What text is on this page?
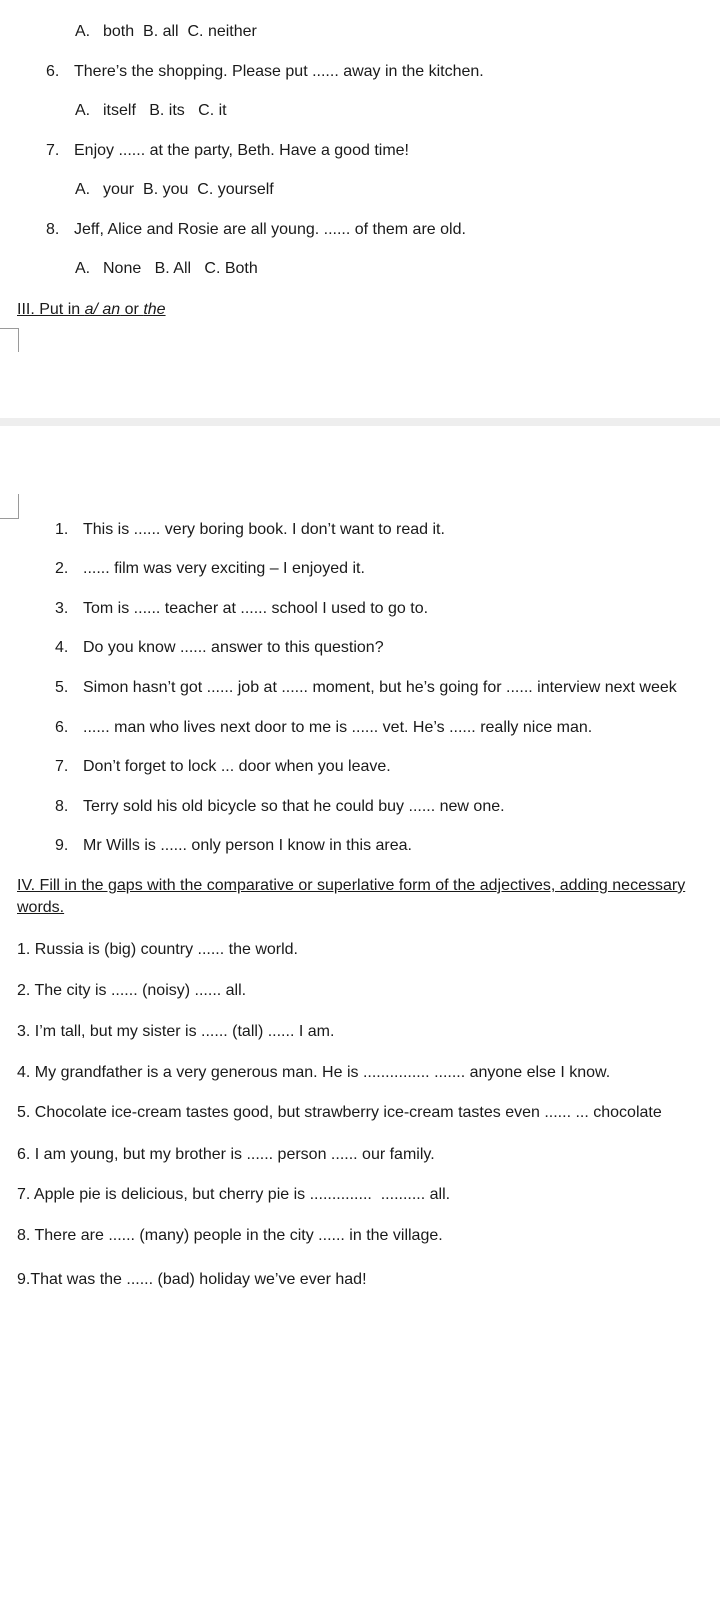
A. both  B. all  C. neither
6. There’s the shopping. Please put ...... away in the kitchen.
A. itself   B. its   C. it
7. Enjoy ...... at the party, Beth. Have a good time!
A. your  B. you  C. yourself
8. Jeff, Alice and Rosie are all young. ...... of them are old.
A. None   B. All   C. Both
III. Put in a/ an or the
1. This is ...... very boring book. I don’t want to read it.
2. ...... film was very exciting – I enjoyed it.
3. Tom is ...... teacher at ...... school I used to go to.
4. Do you know ...... answer to this question?
5. Simon hasn’t got ...... job at ...... moment, but he’s going for ...... interview next week
6. ...... man who lives next door to me is ...... vet. He’s ...... really nice man.
7. Don’t forget to lock ... door when you leave.
8. Terry sold his old bicycle so that he could buy ...... new one.
9. Mr Wills is ...... only person I know in this area.
IV. Fill in the gaps with the comparative or superlative form of the adjectives, adding necessary
words.
1. Russia is (big) country ...... the world.
2. The city is ...... (noisy) ...... all.
3. I’m tall, but my sister is ...... (tall) ...... I am.
4. My grandfather is a very generous man. He is ............... ....... anyone else I know.
5. Chocolate ice-cream tastes good, but strawberry ice-cream tastes even ...... ... chocolate
6. I am young, but my brother is ...... person ...... our family.
7. Apple pie is delicious, but cherry pie is ..............  .......... all.
8. There are ...... (many) people in the city ...... in the village.
9.That was the ...... (bad) holiday we’ve ever had!
